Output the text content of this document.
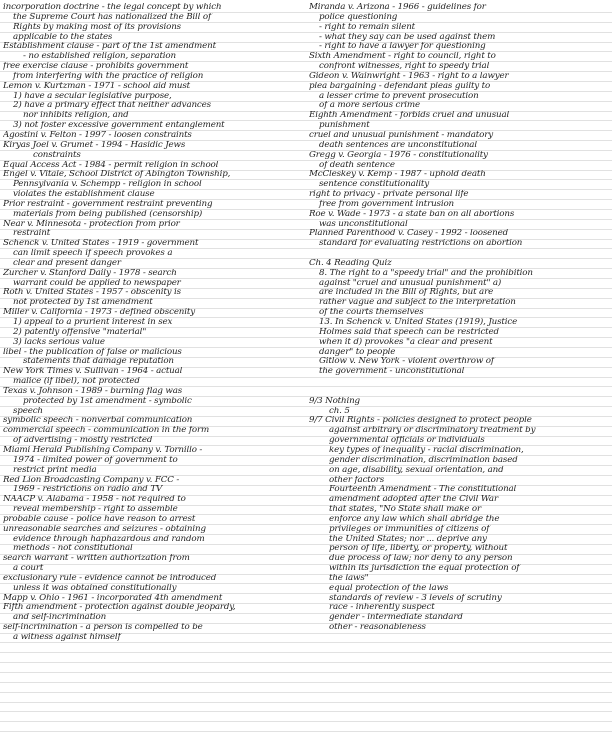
incorporation doctrine - the legal concept by which
the Supreme Court has nationalized the Bill of
Rights by making most of its provisions
applicable to the states
Establishment clause - part of the 1st amendment
- no established religion, separation
free exercise clause - prohibits government
from interfering with the practice of religion
Lemon v. Kurtzman - 1971 - school aid must
1) have a secular legislative purpose,
2) have a primary effect that neither advances
nor inhibits religion, and
3) not foster excessive government entanglement
Agostini v. Felton - 1997 - loosen constraints
Kiryas Joel v. Grumet - 1994 - Hasidic Jews
constraints
Equal Access Act - 1984 - permit religion in school
Engel v. Vitale, School District of Abington Township,
Pennsylvania v. Schempp - religion in school
violates the establishment clause
Prior restraint - government restraint preventing
materials from being published (censorship)
Near v. Minnesota - protection from prior
restraint
Schenck v. United States - 1919 - government
can limit speech if speech provokes a
clear and present danger
Zurcher v. Stanford Daily - 1978 - search
warrant could be applied to newspaper
Roth v. United States - 1957 - obscenity is
not protected by 1st amendment
Miller v. California - 1973 - defined obscenity
1) appeal to a prurient interest in sex
2) patently offensive "material"
3) lacks serious value
libel - the publication of false or malicious
statements that damage reputation
New York Times v. Sullivan - 1964 - actual
malice (if libel), not protected
Texas v. Johnson - 1989 - burning flag was
protected by 1st amendment - symbolic
speech
symbolic speech - nonverbal communication
commercial speech - communication in the form
of advertising - mostly restricted
Miami Herald Publishing Company v. Tornillo -
1974 - limited power of government to
restrict print media
Red Lion Broadcasting Company v. FCC -
1969 - restrictions on radio and TV
NAACP v. Alabama - 1958 - not required to
reveal membership - right to assemble
probable cause - police have reason to arrest
unreasonable searches and seizures - obtaining
evidence through haphazardous and random
methods - not constitutional
search warrant - written authorization from
a court
exclusionary rule - evidence cannot be introduced
unless it was obtained constitutionally
Mapp v. Ohio - 1961 - incorporated 4th amendment
Fifth amendment - protection against double jeopardy,
and self-incrimination
self-incrimination - a person is compelled to be
a witness against himself
Miranda v. Arizona - 1966 - guidelines for
police questioning
- right to remain silent
- what they say can be used against them
- right to have a lawyer for questioning
Sixth Amendment - right to council, right to
confront witnesses, right to speedy trial
Gideon v. Wainwright - 1963 - right to a lawyer
plea bargaining - defendant pleas guilty to
a lesser crime to prevent prosecution
of a more serious crime
Eighth Amendment - forbids cruel and unusual
punishment
cruel and unusual punishment - mandatory
death sentences are unconstitutional
Gregg v. Georgia - 1976 - constitutionality
of death sentence
McCleskey v. Kemp - 1987 - uphold death
sentence constitutionality
right to privacy - private personal life
free from government intrusion
Roe v. Wade - 1973 - a state ban on all abortions
was unconstitutional
Planned Parenthood v. Casey - 1992 - loosened
standard for evaluating restrictions on abortion
Ch. 4 Reading Quiz
8. The right to a "speedy trial" and the prohibition
against "cruel and unusual punishment" a)
are included in the Bill of Rights, but are
rather vague and subject to the interpretation
of the courts themselves
13. In Schenck v. United States (1919), Justice
Holmes said that speech can be restricted
when it d) provokes "a clear and present
danger" to people
Gitlow v. New York - violent overthrow of
the government - unconstitutional
9/3 Nothing
ch. 5
9/7 Civil Rights - policies designed to protect people
against arbitrary or discriminatory treatment by
governmental officials or individuals
key types of inequality - racial discrimination,
gender discrimination, discrimination based
on age, disability, sexual orientation, and
other factors
Fourteenth Amendment - The constitutional
amendment adopted after the Civil War
that states, "No State shall make or
enforce any law which shall abridge the
privileges or immunities of citizens of
the United States; nor ... deprive any
person of life, liberty, or property, without
due process of law; nor deny to any person
within its jurisdiction the equal protection of
the laws"
equal protection of the laws
standards of review - 3 levels of scrutiny
race - inherently suspect
gender - intermediate standard
other - reasonableness
